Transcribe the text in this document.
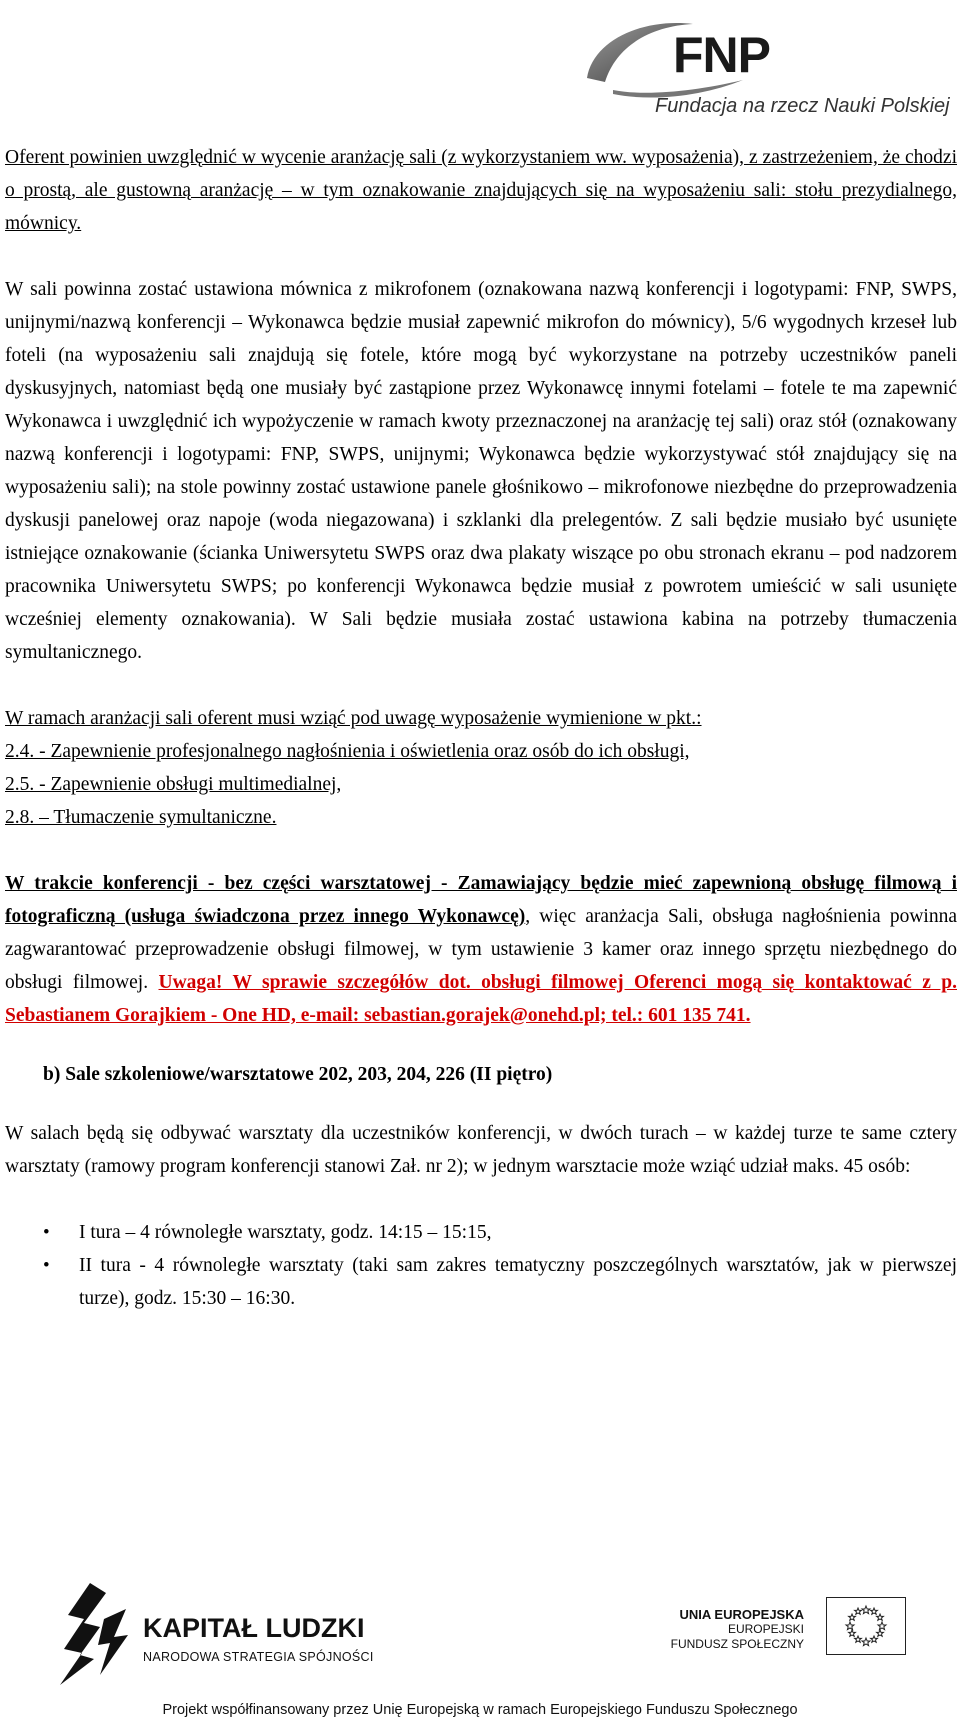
FNP
Fundacja na rzecz Nauki Polskiej

Oferent powinien uwzględnić w wycenie aranżację sali (z wykorzystaniem ww. wyposażenia), z zastrzeżeniem, że chodzi o prostą, ale gustowną aranżację – w tym oznakowanie znajdujących się na wyposażeniu sali: stołu prezydialnego, mównicy.

W sali powinna zostać ustawiona mównica z mikrofonem (oznakowana nazwą konferencji i logotypami: FNP, SWPS, unijnymi/nazwą konferencji – Wykonawca będzie musiał zapewnić mikrofon do mównicy), 5/6 wygodnych krzeseł lub foteli (na wyposażeniu sali znajdują się fotele, które mogą być wykorzystane na potrzeby uczestników paneli dyskusyjnych, natomiast będą one musiały być zastąpione przez Wykonawcę innymi fotelami – fotele te ma zapewnić Wykonawca i uwzględnić ich wypożyczenie w ramach kwoty przeznaczonej na aranżację tej sali) oraz stół (oznakowany nazwą konferencji i logotypami: FNP, SWPS, unijnymi; Wykonawca będzie wykorzystywać stół znajdujący się na wyposażeniu sali); na stole powinny zostać ustawione panele głośnikowo – mikrofonowe niezbędne do przeprowadzenia dyskusji panelowej oraz napoje (woda niegazowana) i szklanki dla prelegentów. Z sali będzie musiało być usunięte istniejące oznakowanie (ścianka Uniwersytetu SWPS oraz dwa plakaty wiszące po obu stronach ekranu – pod nadzorem pracownika Uniwersytetu SWPS; po konferencji Wykonawca będzie musiał z powrotem umieścić w sali usunięte wcześniej elementy oznakowania). W Sali będzie musiała zostać ustawiona kabina na potrzeby tłumaczenia symultanicznego.

W ramach aranżacji sali oferent musi wziąć pod uwagę wyposażenie wymienione w pkt.:

2.4. - Zapewnienie profesjonalnego nagłośnienia i oświetlenia oraz osób do ich obsługi,

2.5. - Zapewnienie obsługi multimedialnej,

2.8. – Tłumaczenie symultaniczne.

W trakcie konferencji - bez części warsztatowej - Zamawiający będzie mieć zapewnioną obsługę filmową i fotograficzną (usługa świadczona przez innego Wykonawcę), więc aranżacja Sali, obsługa nagłośnienia powinna zagwarantować przeprowadzenie obsługi filmowej, w tym ustawienie 3 kamer oraz innego sprzętu niezbędnego do obsługi filmowej. Uwaga! W sprawie szczegółów dot. obsługi filmowej Oferenci mogą się kontaktować z p. Sebastianem Gorajkiem - One HD, e-mail: sebastian.gorajek@onehd.pl; tel.: 601 135 741.

b) Sale szkoleniowe/warsztatowe 202, 203, 204, 226 (II piętro)

W salach będą się odbywać warsztaty dla uczestników konferencji, w dwóch turach – w każdej turze te same cztery warsztaty (ramowy program konferencji stanowi Zał. nr 2); w jednym warsztacie może wziąć udział maks. 45 osób:

• I tura – 4 równoległe warsztaty, godz. 14:15 – 15:15,
• II tura - 4 równoległe warsztaty (taki sam zakres tematyczny poszczególnych warsztatów, jak w pierwszej turze), godz. 15:30 – 16:30.
KAPITAŁ LUDZKI
NARODOWA STRATEGIA SPÓJNOŚCI
UNIA EUROPEJSKA
EUROPEJSKI
FUNDUSZ SPOŁECZNY
Projekt współfinansowany przez Unię Europejską w ramach Europejskiego Funduszu Społecznego
